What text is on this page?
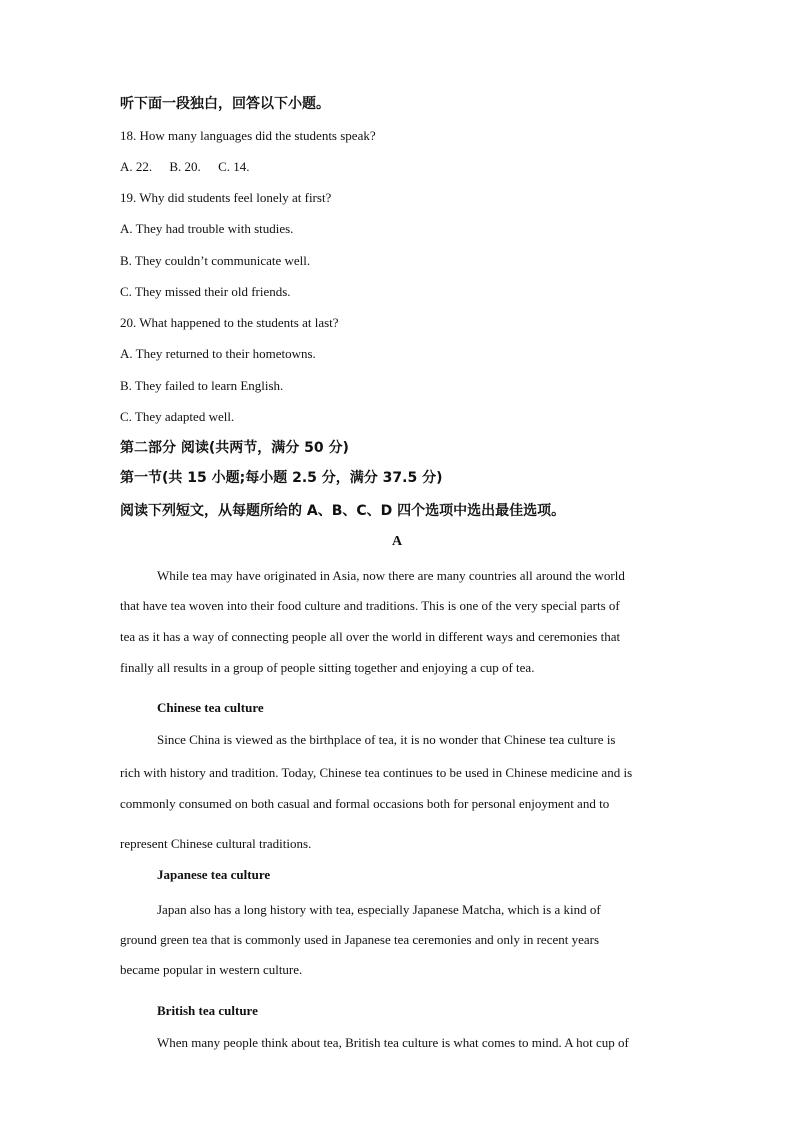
听下面一段独白，回答以下小题。
18. How many languages did the students speak?
A. 22. B. 20. C. 14.
19. Why did students feel lonely at first?
A. They had trouble with studies.
B. They couldn’t communicate well.
C. They missed their old friends.
20. What happened to the students at last?
A. They returned to their hometowns.
B. They failed to learn English.
C. They adapted well.
第二部分 阅读(共两节，满分 50 分)
第一节(共 15 小题;每小题 2.5 分，满分 37.5 分)
阅读下列短文，从每题所给的 A、B、C、D 四个选项中选出最佳选项。
A
While tea may have originated in Asia, now there are many countries all around the world
that have tea woven into their food culture and traditions. This is one of the very special parts of
tea as it has a way of connecting people all over the world in different ways and ceremonies that
finally all results in a group of people sitting together and enjoying a cup of tea.
Chinese tea culture
Since China is viewed as the birthplace of tea, it is no wonder that Chinese tea culture is
rich with history and tradition. Today, Chinese tea continues to be used in Chinese medicine and is
commonly consumed on both casual and formal occasions both for personal enjoyment and to
represent Chinese cultural traditions.
Japanese tea culture
Japan also has a long history with tea, especially Japanese Matcha, which is a kind of
ground green tea that is commonly used in Japanese tea ceremonies and only in recent years
became popular in western culture.
British tea culture
When many people think about tea, British tea culture is what comes to mind. A hot cup of
